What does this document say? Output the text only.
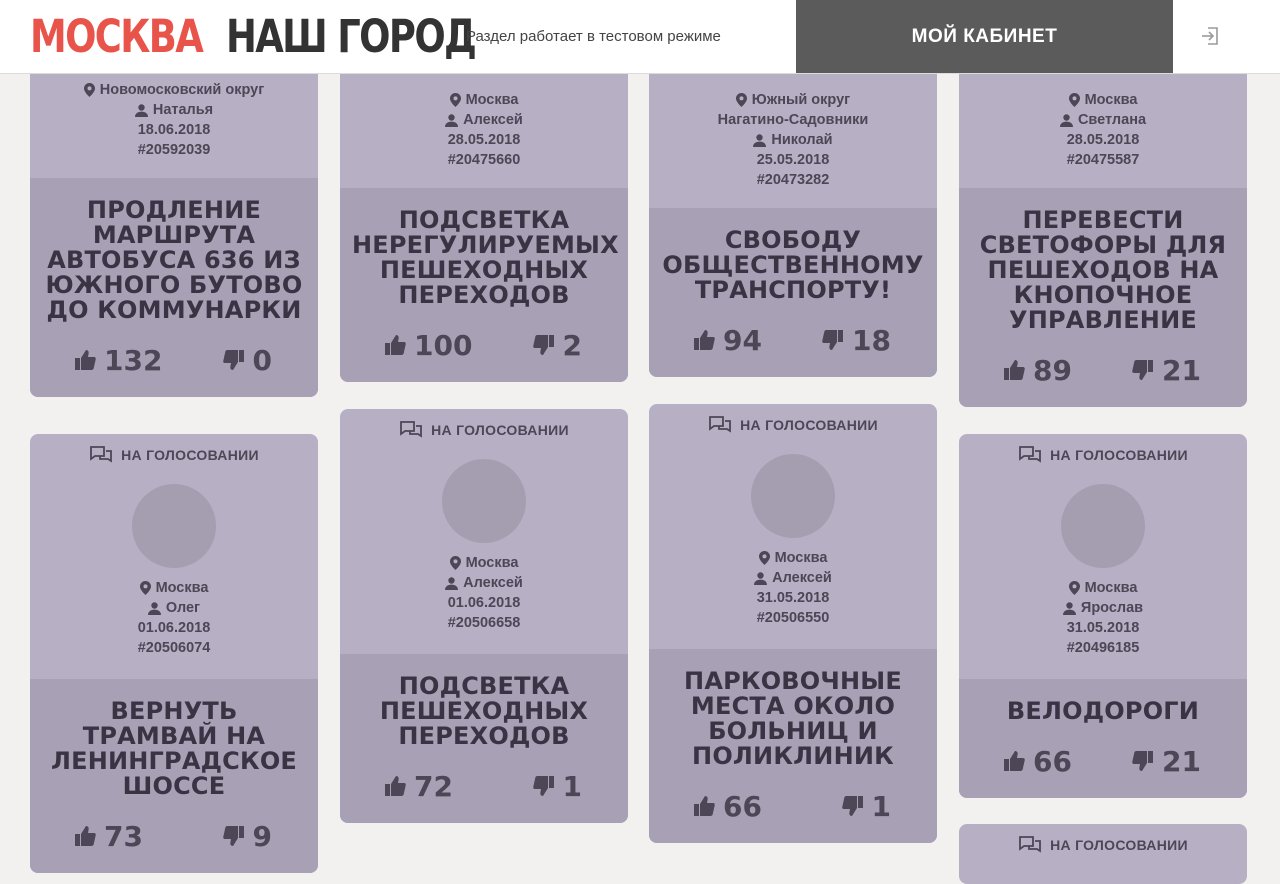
МОСКВА НАШ ГОРОД
Раздел работает в тестовом режиме	МОЙ КАБИНЕТ
Новомосковский округ
Наталья
18.06.2018
#20592039
ПРОДЛЕНИЕ МАРШРУТА АВТОБУСА 636 ИЗ ЮЖНОГО БУТОВО ДО КОММУНАРКИ
132	0
Москва
Алексей
28.05.2018
#20475660
ПОДСВЕТКА НЕРЕГУЛИРУЕМЫХ ПЕШЕХОДНЫХ ПЕРЕХОДОВ
100	2
Южный округ
Нагатино-Садовники
Николай
25.05.2018
#20473282
СВОБОДУ ОБЩЕСТВЕННОМУ ТРАНСПОРТУ!
94	18
Москва
Светлана
28.05.2018
#20475587
ПЕРЕВЕСТИ СВЕТОФОРЫ ДЛЯ ПЕШЕХОДОВ НА КНОПОЧНОЕ УПРАВЛЕНИЕ
89	21
НА ГОЛОСОВАНИИ
Москва
Олег
01.06.2018
#20506074
ВЕРНУТЬ ТРАМВАЙ НА ЛЕНИНГРАДСКОЕ ШОССЕ
73	9
НА ГОЛОСОВАНИИ
Москва
Алексей
01.06.2018
#20506658
ПОДСВЕТКА ПЕШЕХОДНЫХ ПЕРЕХОДОВ
72	1
НА ГОЛОСОВАНИИ
Москва
Алексей
31.05.2018
#20506550
ПАРКОВОЧНЫЕ МЕСТА ОКОЛО БОЛЬНИЦ И ПОЛИКЛИНИК
66	1
НА ГОЛОСОВАНИИ
Москва
Ярослав
31.05.2018
#20496185
ВЕЛОДОРОГИ
66	21
НА ГОЛОСОВАНИИ
